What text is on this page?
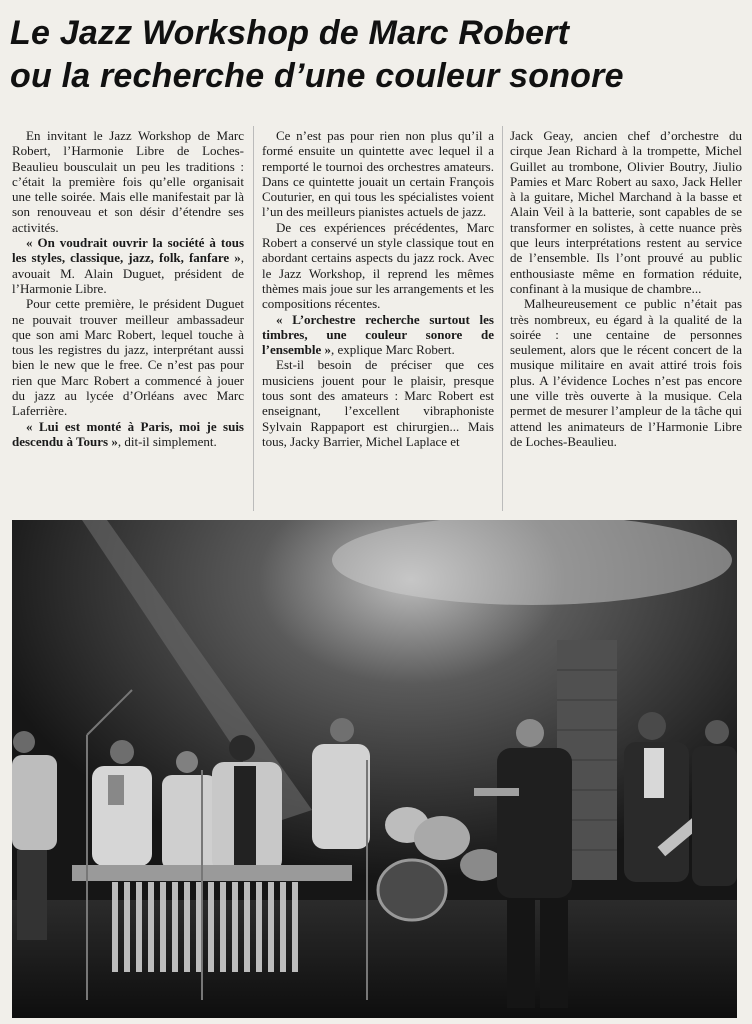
Le Jazz Workshop de Marc Robert
ou la recherche d’une couleur sonore

En invitant le Jazz Workshop de Marc Robert, l’Harmonie Libre de Loches-Beaulieu bousculait un peu les traditions : c’était la première fois qu’elle organisait une telle soirée. Mais elle manifestait par là son renouveau et son désir d’étendre ses activités.

« On voudrait ouvrir la société à tous les styles, classique, jazz, folk, fanfare », avouait M. Alain Duguet, président de l’Harmonie Libre.

Pour cette première, le président Duguet ne pouvait trouver meilleur ambassadeur que son ami Marc Robert, lequel touche à tous les registres du jazz, interprétant aussi bien le new que le free. Ce n’est pas pour rien que Marc Robert a commencé à jouer du jazz au lycée d’Orléans avec Marc Laferrière.

« Lui est monté à Paris, moi je suis descendu à Tours », dit-il simplement.

Ce n’est pas pour rien non plus qu’il a formé ensuite un quintette avec lequel il a remporté le tournoi des orchestres amateurs. Dans ce quintette jouait un certain François Couturier, en qui tous les spécialistes voient l’un des meilleurs pianistes actuels de jazz.

De ces expériences précédentes, Marc Robert a conservé un style classique tout en abordant certains aspects du jazz rock. Avec le Jazz Workshop, il reprend les mêmes thèmes mais joue sur les arrangements et les compositions récentes.

« L’orchestre recherche surtout les timbres, une couleur sonore de l’ensemble », explique Marc Robert.

Est-il besoin de préciser que ces musiciens jouent pour le plaisir, presque tous sont des amateurs : Marc Robert est enseignant, l’excellent vibraphoniste Sylvain Rappaport est chirurgien... Mais tous, Jacky Barrier, Michel Laplace et

Jack Geay, ancien chef d’orchestre du cirque Jean Richard à la trompette, Michel Guillet au trombone, Olivier Boutry, Jiulio Pamies et Marc Robert au saxo, Jack Heller à la guitare, Michel Marchand à la basse et Alain Veil à la batterie, sont capables de se transformer en solistes, à cette nuance près que leurs interprétations restent au service de l’ensemble. Ils l’ont prouvé au public enthousiaste même en formation réduite, confinant à la musique de chambre...

Malheureusement ce public n’était pas très nombreux, eu égard à la qualité de la soirée : une centaine de personnes seulement, alors que le récent concert de la musique militaire en avait attiré trois fois plus. A l’évidence Loches n’est pas encore une ville très ouverte à la musique. Cela permet de mesurer l’ampleur de la tâche qui attend les animateurs de l’Harmonie Libre de Loches-Beaulieu.
